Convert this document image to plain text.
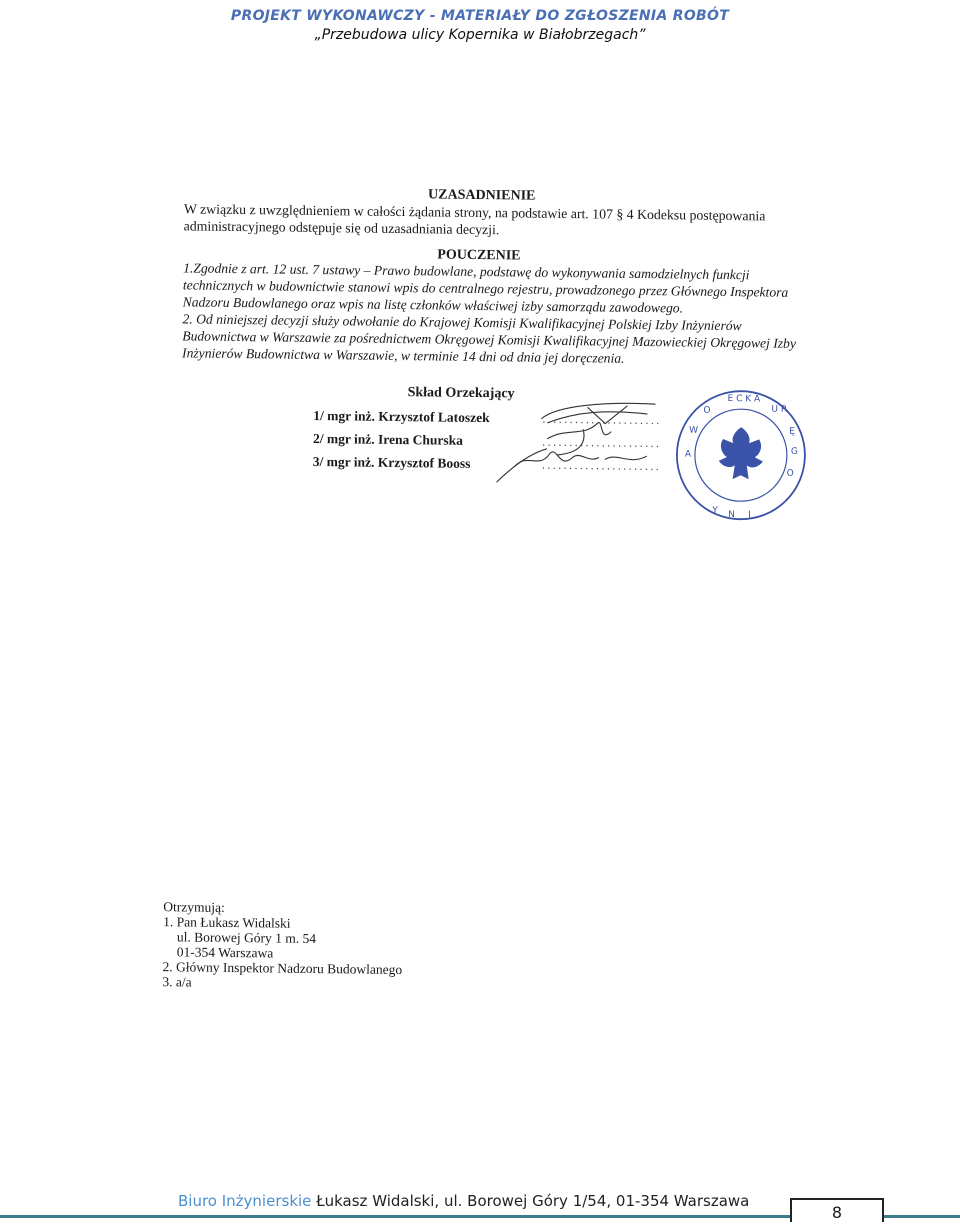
PROJEKT WYKONAWCZY - MATERIAŁY DO ZGŁOSZENIA ROBÓT
„Przebudowa ulicy Kopernika w Białobrzegach”
UZASADNIENIE
W związku z uwzględnieniem w całości żądania strony, na podstawie art. 107 § 4 Kodeksu postępowania
administracyjnego odstępuje się od uzasadniania decyzji.
POUCZENIE
1.Zgodnie z art. 12 ust. 7 ustawy – Prawo budowlane, podstawę do wykonywania samodzielnych funkcji
technicznych w budownictwie stanowi wpis do centralnego rejestru, prowadzonego przez Głównego Inspektora
Nadzoru Budowlanego oraz wpis na listę członków właściwej izby samorządu zawodowego.
2. Od niniejszej decyzji służy odwołanie do Krajowej Komisji Kwalifikacyjnej Polskiej Izby Inżynierów
Budownictwa w Warszawie za pośrednictwem Okręgowej Komisji Kwalifikacyjnej Mazowieckiej Okręgowej Izby
Inżynierów Budownictwa w Warszawie, w terminie 14 dni od dnia jej doręczenia.
Skład Orzekający
1/ mgr inż. Krzysztof Latoszek
2/ mgr inż. Irena Churska
3/ mgr inż. Krzysztof Booss
......................
......................
......................
E C K A
U R
Ę
G
O
Y N I
A
W
O
Otrzymują:
1. Pan Łukasz Widalski
ul. Borowej Góry 1 m. 54
01-354 Warszawa
2. Główny Inspektor Nadzoru Budowlanego
3. a/a
Biuro Inżynierskie Łukasz Widalski, ul. Borowej Góry 1/54, 01-354 Warszawa
8
